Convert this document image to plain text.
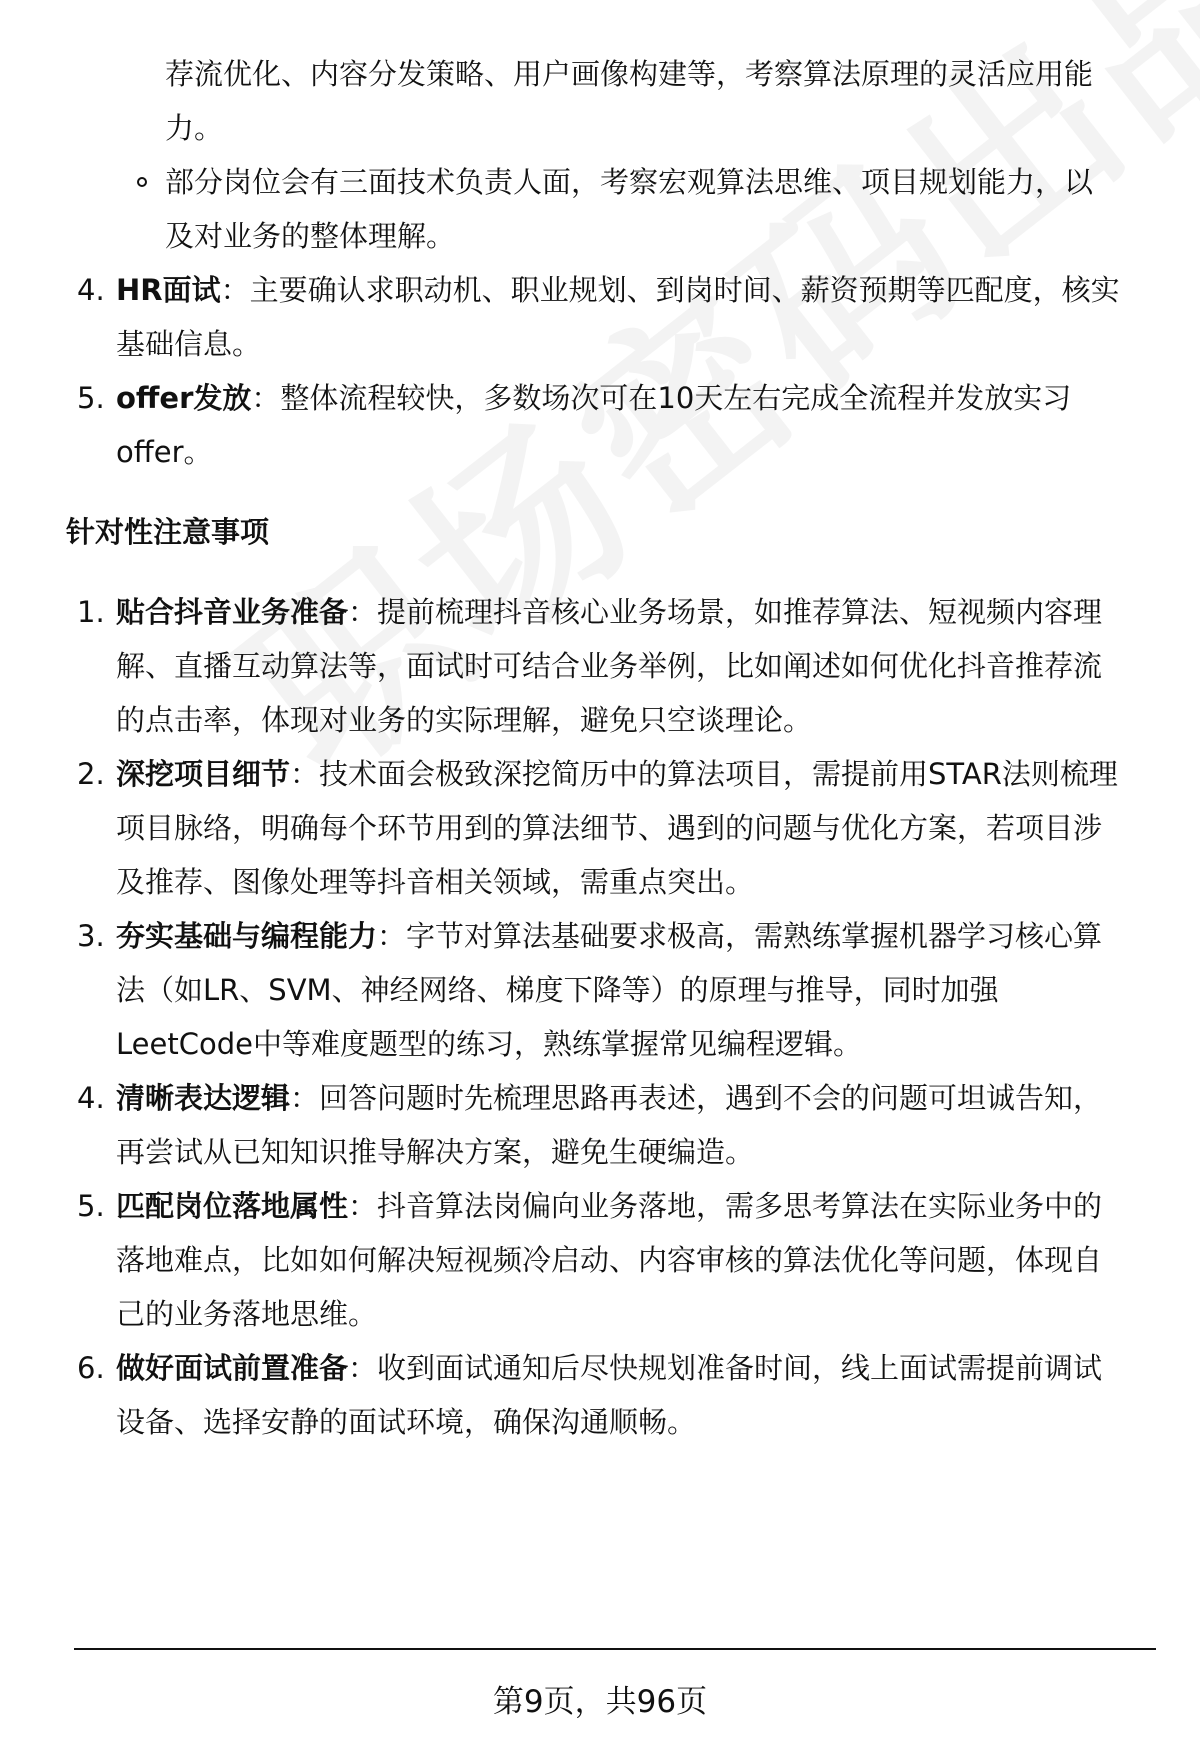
荐流优化、内容分发策略、用户画像构建等，考察算法原理的灵活应用能
力。
部分岗位会有三面技术负责人面，考察宏观算法思维、项目规划能力，以
及对业务的整体理解。
4. HR面试：主要确认求职动机、职业规划、到岗时间、薪资预期等匹配度，核实
基础信息。
5. offer发放：整体流程较快，多数场次可在10天左右完成全流程并发放实习
offer。
针对性注意事项
1. 贴合抖音业务准备：提前梳理抖音核心业务场景，如推荐算法、短视频内容理
解、直播互动算法等，面试时可结合业务举例，比如阐述如何优化抖音推荐流
的点击率，体现对业务的实际理解，避免只空谈理论。
2. 深挖项目细节：技术面会极致深挖简历中的算法项目，需提前用STAR法则梳理
项目脉络，明确每个环节用到的算法细节、遇到的问题与优化方案，若项目涉
及推荐、图像处理等抖音相关领域，需重点突出。
3. 夯实基础与编程能力：字节对算法基础要求极高，需熟练掌握机器学习核心算
法（如LR、SVM、神经网络、梯度下降等）的原理与推导，同时加强
LeetCode中等难度题型的练习，熟练掌握常见编程逻辑。
4. 清晰表达逻辑：回答问题时先梳理思路再表述，遇到不会的问题可坦诚告知，
再尝试从已知知识推导解决方案，避免生硬编造。
5. 匹配岗位落地属性：抖音算法岗偏向业务落地，需多思考算法在实际业务中的
落地难点，比如如何解决短视频冷启动、内容审核的算法优化等问题，体现自
己的业务落地思维。
6. 做好面试前置准备：收到面试通知后尽快规划准备时间，线上面试需提前调试
设备、选择安静的面试环境，确保沟通顺畅。
第9页，共96页
